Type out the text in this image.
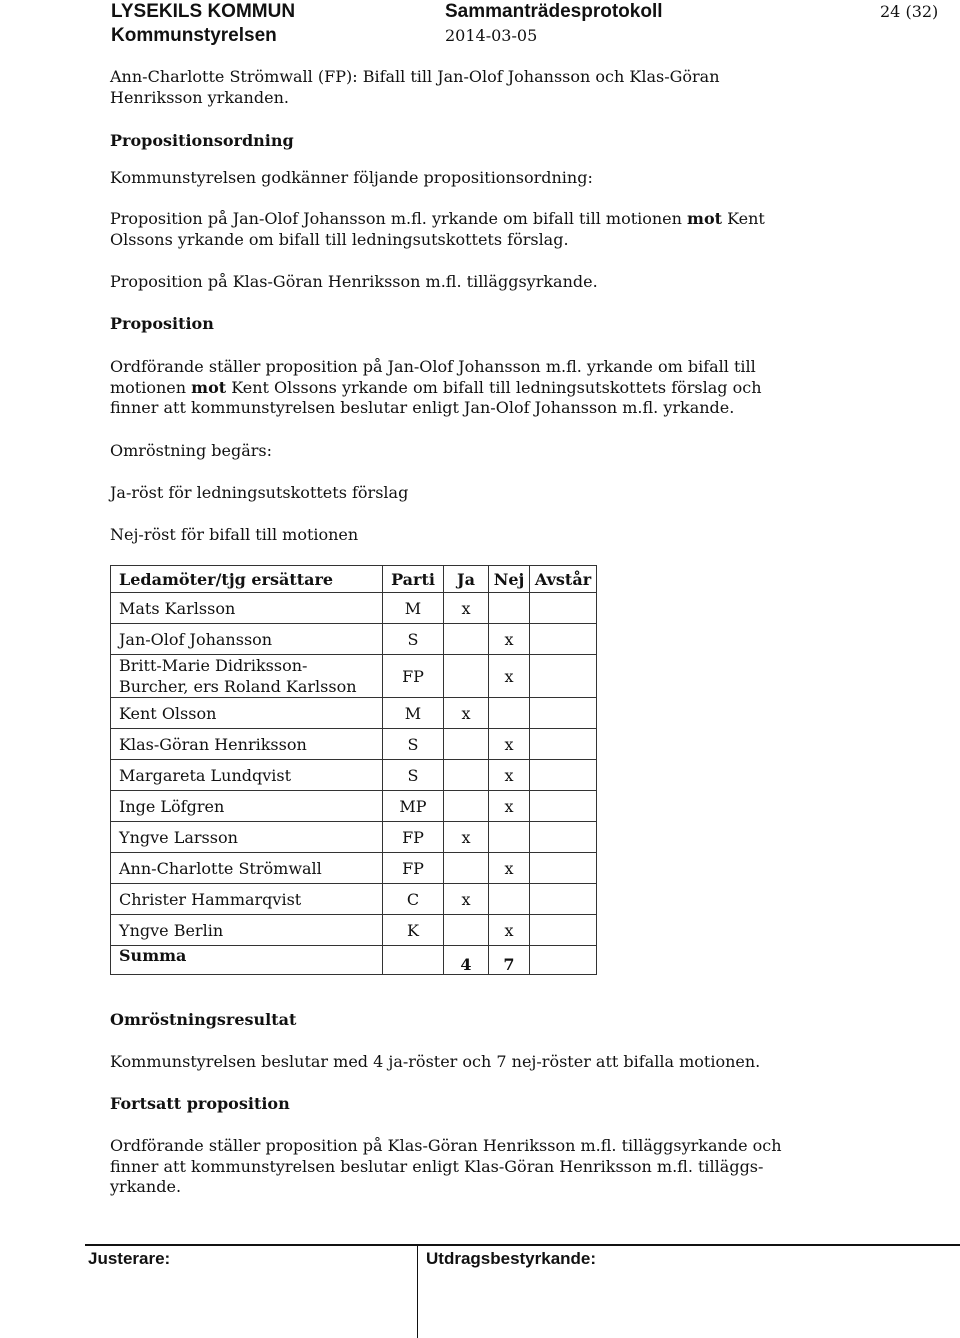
LYSEKILS KOMMUN
Kommunstyrelsen
Sammanträdesprotokoll
2014-03-05
24 (32)
Ann-Charlotte Strömwall (FP): Bifall till Jan-Olof Johansson och Klas-Göran
Henriksson yrkanden.
Propositionsordning
Kommunstyrelsen godkänner följande propositionsordning:
Proposition på Jan-Olof Johansson m.fl. yrkande om bifall till motionen mot Kent
Olssons yrkande om bifall till ledningsutskottets förslag.
Proposition på Klas-Göran Henriksson m.fl. tilläggsyrkande.
Proposition
Ordförande ställer proposition på Jan-Olof Johansson m.fl. yrkande om bifall till
motionen mot Kent Olssons yrkande om bifall till ledningsutskottets förslag och
finner att kommunstyrelsen beslutar enligt Jan-Olof Johansson m.fl. yrkande.
Omröstning begärs:
Ja-röst för ledningsutskottets förslag
Nej-röst för bifall till motionen
Ledamöter/tjg ersättare	Parti	Ja	Nej	Avstår
Mats Karlsson	M	x		
Jan-Olof Johansson	S		x	

Britt-Marie Didriksson-
Burcher, ers Roland Karlsson	FP		x	
Kent Olsson	M	x		
Klas-Göran Henriksson	S		x	
Margareta Lundqvist	S		x	
Inge Löfgren	MP		x	
Yngve Larsson	FP	x		
Ann-Charlotte Strömwall	FP		x	
Christer Hammarqvist	C	x		
Yngve Berlin	K		x	
Summa		4	7	
Omröstningsresultat
Kommunstyrelsen beslutar med 4 ja-röster och 7 nej-röster att bifalla motionen.
Fortsatt proposition
Ordförande ställer proposition på Klas-Göran Henriksson m.fl. tilläggsyrkande och
finner att kommunstyrelsen beslutar enligt Klas-Göran Henriksson m.fl. tilläggs-
yrkande.
Justerare:	Utdragsbestyrkande:
